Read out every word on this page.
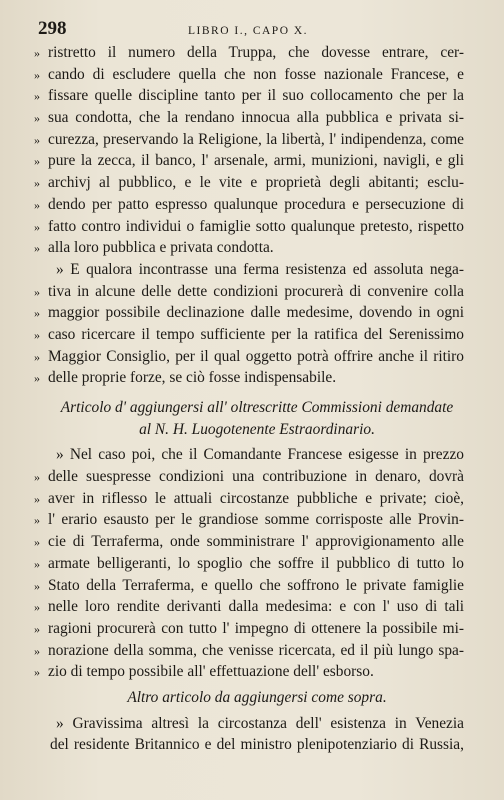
298	LIBRO I., CAPO X.
» ristretto il numero della Truppa, che dovesse entrare, cer-
» cando di escludere quella che non fosse nazionale Francese, e
» fissare quelle discipline tanto per il suo collocamento che per la
» sua condotta, che la rendano innocua alla pubblica e privata si-
» curezza, preservando la Religione, la libertà, l' indipendenza, come
» pure la zecca, il banco, l' arsenale, armi, munizioni, navigli, e gli
» archivj al pubblico, e le vite e proprietà degli abitanti; esclu-
» dendo per patto espresso qualunque procedura e persecuzione di
» fatto contro individui o famiglie sotto qualunque pretesto, rispetto
» alla loro pubblica e privata condotta.
» E qualora incontrasse una ferma resistenza ed assoluta nega-
» tiva in alcune delle dette condizioni procurerà di convenire colla
» maggior possibile declinazione dalle medesime, dovendo in ogni
» caso ricercare il tempo sufficiente per la ratifica del Serenissimo
» Maggior Consiglio, per il qual oggetto potrà offrire anche il ritiro
» delle proprie forze, se ciò fosse indispensabile.
Articolo d' aggiungersi all' oltrescritte Commissioni demandate
al N. H. Luogotenente Estraordinario.
» Nel caso poi, che il Comandante Francese esigesse in prezzo
» delle suespresse condizioni una contribuzione in denaro, dovrà
» aver in riflesso le attuali circostanze pubbliche e private; cioè,
» l' erario esausto per le grandiose somme corrisposte alle Provin-
» cie di Terraferma, onde somministrare l' approvigionamento alle
» armate belligeranti, lo spoglio che soffre il pubblico di tutto lo
» Stato della Terraferma, e quello che soffrono le private famiglie
» nelle loro rendite derivanti dalla medesima: e con l' uso di tali
» ragioni procurerà con tutto l' impegno di ottenere la possibile mi-
» norazione della somma, che venisse ricercata, ed il più lungo spa-
» zio di tempo possibile all' effettuazione dell' esborso.
Altro articolo da aggiungersi come sopra.
» Gravissima altresì la circostanza dell' esistenza in Venezia
del residente Britannico e del ministro plenipotenziario di Russia,
